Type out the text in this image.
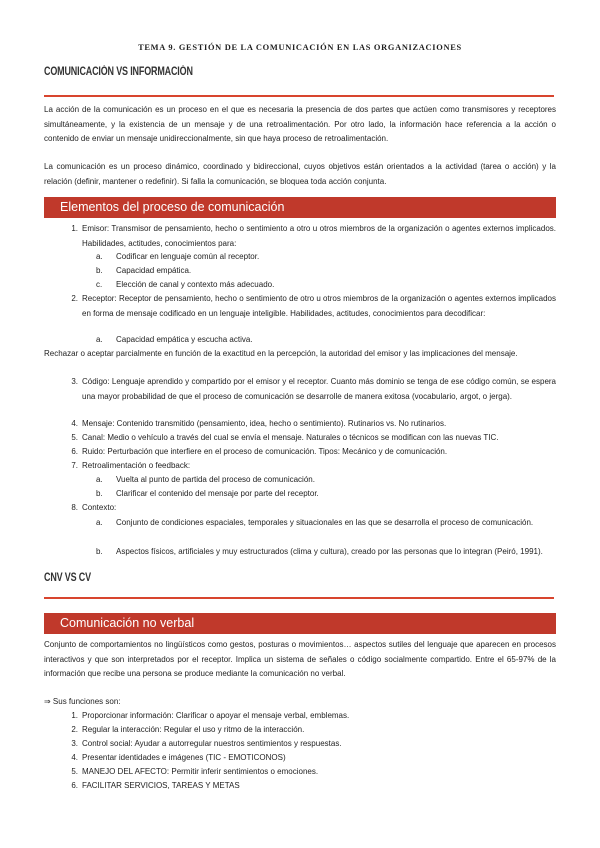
TEMA 9. GESTIÓN DE LA COMUNICACIÓN EN LAS ORGANIZACIONES
COMUNICACIÓN VS INFORMACIÓN

La acción de la comunicación es un proceso en el que es necesaria la presencia de dos partes que actúen como transmisores y receptores simultáneamente, y la existencia de un mensaje y de una retroalimentación. Por otro lado, la información hace referencia a la acción o contenido de enviar un mensaje unidireccionalmente, sin que haya proceso de retroalimentación.

La comunicación es un proceso dinámico, coordinado y bidireccional, cuyos objetivos están orientados a la actividad (tarea o acción) y la relación (definir, mantener o redefinir). Si falla la comunicación, se bloquea toda acción conjunta.

Elementos del proceso de comunicación
1. Emisor: Transmisor de pensamiento, hecho o sentimiento a otro u otros miembros de la organización o agentes externos implicados. Habilidades, actitudes, conocimientos para:

a.	Codificar en lenguaje común al receptor.

b.	Capacidad empática.

c.	Elección de canal y contexto más adecuado.

2. Receptor: Receptor de pensamiento, hecho o sentimiento de otro u otros miembros de la organización o agentes externos implicados en forma de mensaje codificado en un lenguaje inteligible. Habilidades, actitudes, conocimientos para decodificar:

a.	Capacidad empática y escucha activa.

Rechazar o aceptar parcialmente en función de la exactitud en la percepción, la autoridad del emisor y las implicaciones del mensaje.

3. Código: Lenguaje aprendido y compartido por el emisor y el receptor. Cuanto más dominio se tenga de ese código común, se espera una mayor probabilidad de que el proceso de comunicación se desarrolle de manera exitosa (vocabulario, argot, o jerga).

4. Mensaje: Contenido transmitido (pensamiento, idea, hecho o sentimiento). Rutinarios vs. No rutinarios.

5. Canal: Medio o vehículo a través del cual se envía el mensaje. Naturales o técnicos se modifican con las nuevas TIC.

6. Ruido: Perturbación que interfiere en el proceso de comunicación. Tipos: Mecánico y de comunicación.

7. Retroalimentación o feedback:

a.	Vuelta al punto de partida del proceso de comunicación.

b.	Clarificar el contenido del mensaje por parte del receptor.

8. Contexto:

a.	Conjunto de condiciones espaciales, temporales y situacionales en las que se desarrolla el proceso de comunicación.

b.	Aspectos físicos, artificiales y muy estructurados (clima y cultura), creado por las personas que lo integran (Peiró, 1991).

CNV VS CV
Comunicación no verbal

Conjunto de comportamientos no lingüísticos como gestos, posturas o movimientos… aspectos sutiles del lenguaje que aparecen en procesos interactivos y que son interpretados por el receptor. Implica un sistema de señales o código socialmente compartido. Entre el 65-97% de la información que recibe una persona se produce mediante la comunicación no verbal.

⇒ Sus funciones son:

1. Proporcionar información: Clarificar o apoyar el mensaje verbal, emblemas.

2. Regular la interacción: Regular el uso y ritmo de la interacción.

3. Control social: Ayudar a autorregular nuestros sentimientos y respuestas.

4. Presentar identidades e imágenes (TIC - EMOTICONOS)

5. MANEJO DEL AFECTO: Permitir inferir sentimientos o emociones.

6. FACILITAR SERVICIOS, TAREAS Y METAS
